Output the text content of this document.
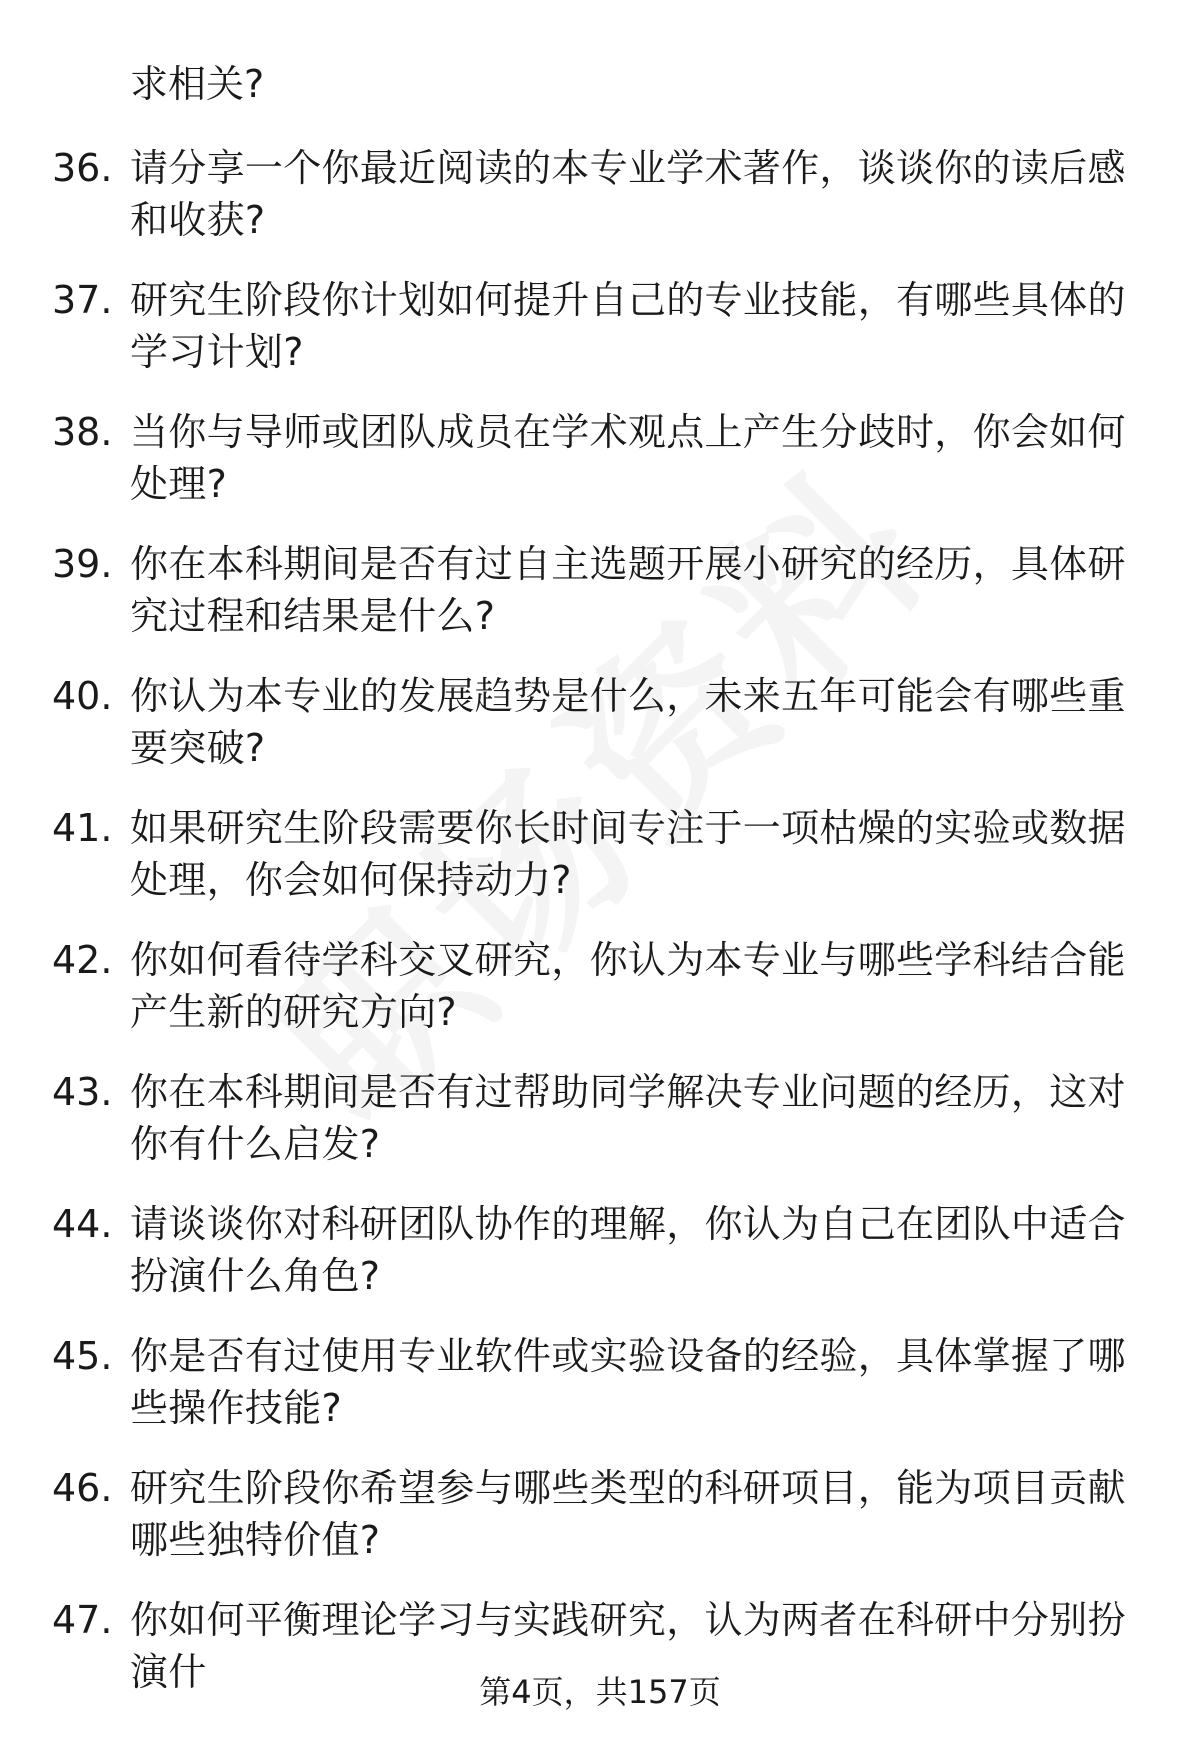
求相关?

36. 请分享一个你最近阅读的本专业学术著作，谈谈你的读后感和收获?
37. 研究生阶段你计划如何提升自己的专业技能，有哪些具体的学习计划?
38. 当你与导师或团队成员在学术观点上产生分歧时，你会如何处理?
39. 你在本科期间是否有过自主选题开展小研究的经历，具体研究过程和结果是什么?
40. 你认为本专业的发展趋势是什么，未来五年可能会有哪些重要突破?
41. 如果研究生阶段需要你长时间专注于一项枯燥的实验或数据处理，你会如何保持动力?
42. 你如何看待学科交叉研究，你认为本专业与哪些学科结合能产生新的研究方向?
43. 你在本科期间是否有过帮助同学解决专业问题的经历，这对你有什么启发?
44. 请谈谈你对科研团队协作的理解，你认为自己在团队中适合扮演什么角色?
45. 你是否有过使用专业软件或实验设备的经验，具体掌握了哪些操作技能?
46. 研究生阶段你希望参与哪些类型的科研项目，能为项目贡献哪些独特价值?
47. 你如何平衡理论学习与实践研究，认为两者在科研中分别扮演什	第4页，共157页
